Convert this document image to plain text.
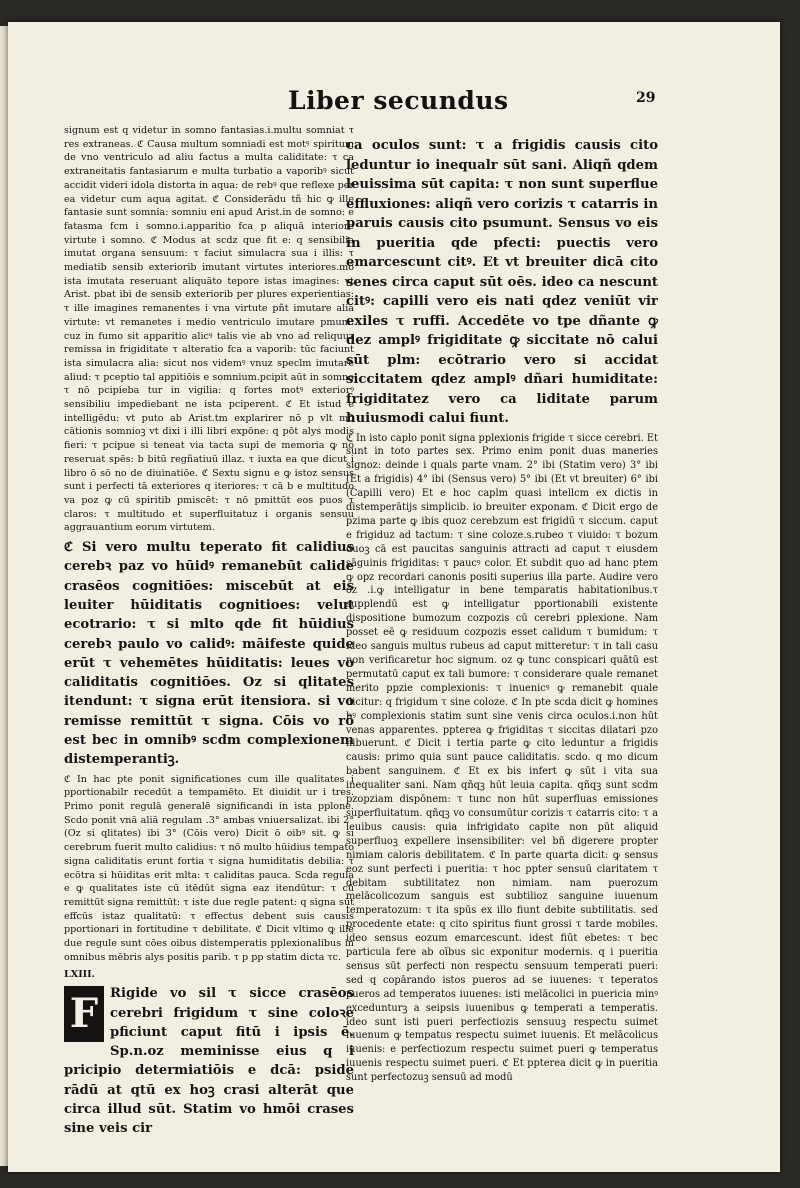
Liber secundus	29

signum est q videtur in somno fantasias.i.multu somniat τ res extraneas. ℭ Causa multum somniadi est motꝰ spiritum de vno ventriculo ad aliu factus a multa caliditate: τ ca extraneitatis fantasiarum e multa turbatio a vaporibꝰ sicut accidit videri idola distorta in aqua: de rebꝰ que reflexe per ea videtur cum aqua agitat. ℭ Considerādu tñ hic ꝙ ille fantasie sunt somnia: somniu eni apud Arist.in de somno: e fatasma fcm i somno.i.apparitio fca p aliquā interiore virtute i somno. ℭ Modus at scdz que fit e: q sensibilia imutat organa sensuum: τ faciut simulacra sua i illis: τ mediatib sensib exteriorib imutant virtutes interiores.mō ista imutata reseruant aliquāto tepore istas imagines: vt Arist. pbat ibi de sensib exteriorib per plures experientias: τ ille imagines remanentes i vna virtute pñt imutare aliā virtute: vt remanetes i medio ventriculo imutare pmum: cuz in fumo sit apparitio alicꝰ talis vie ab vno ad reliquuz remissa in frigiditate τ alteratio fca a vaporib: tūc faciunt ista simulacra alia: sicut nos videmꝰ vnuz speclm imutare aliud: τ pceptio tal appitiōis e somnium.pcipit aūt in somno τ nō pcipieba tur in vigilia: q fortes motꝰ exteriorꝰ sensibiliu impediebant ne ista pciperent. ℭ Et istud e intelligēdu: vt puto ab Arist.tm explarirer nō p vlt mō cātionis somnioꝫ vt dixi i illi libri expōne: q pōt alys modis fieri: τ pcipue si teneat via tacta supi de memoria ꝙ nō reseruat spēs: b bitū regñatiuū illaz. τ iuxta ea que dicut i libro ō sō no de diuinatiōe. ℭ Sextu signu e ꝙ istoz sensus sunt i perfecti tā exteriores q iteriores: τ cā b e multitudo va poz ꝙ cū spiritib pmiscēt: τ nō pmittūt eos puos τ claros: τ multitudo et superfluitatuz i organis sensuu aggrauantium eorum virtutem.

ℭ Si vero multu teperato fit calidius cerebꝛ paz vo hūidꝰ remanebūt calide crasēos cognitiōes: miscebūt at eis leuiter hūiditatis cognitioes: velut ecotrario: τ si mlto qde fit hūidius cerebꝛ paulo vo calidꝰ: māifeste quide erūt τ vehemētes hūiditatis: leues vo caliditatis cognitiōes. Oz si qlitates itendunt: τ signa erūt itensiora. si vo remisse remittūt τ signa. Cōis vo rō est bec in omnibꝰ scdm complexionem distemperantiꝫ.

ℭ In hac pte ponit significationes cum ille qualitates i pportionabilr recedūt a tempamēto. Et diuidit ur i tres. Primo ponit regulā generalē significandi in ista pplone. Scdo ponit vnā aliā regulam .3° ambas vniuersalizat. ibi 2° (Oz si qlitates) ibi 3° (Cōis vero) Dicit ō oibꝰ sit. ꝙ si cerebrum fuerit multo calidius: τ nō multo hūidius tempato signa caliditatis erunt fortia τ signa humiditatis debilia: τ ecōtra si hūiditas erit mlta: τ caliditas pauca. Scda regula e ꝙ qualitates iste cū itēdūt signa eaz itendūtur: τ cū remittūt signa remittūt: τ iste due regle patent: q signa sūt effcūs istaz qualitatū: τ effectus debent suis causis pportionari in fortitudine τ debilitate. ℭ Dicit vltimo ꝙ ille due regule sunt cōes oibus distemperatis pplexionalibus in omnibus mēbris alys positis parib. τ p pp statim dicta τc.

LXIII.

F Rigide vo sil τ sicce crasēos cerebri frigidum τ sine coloꝛe pficiunt caput fitū i ipsis ē. Sp.n.oz meminisse eius q i pricipio determiatiōis e dcā: pside rādū at qtū ex hoꝫ crasi alterāt que circa illud sūt. Statim vo hmōi crases sine veis cir

ca oculos sunt: τ a frigidis causis cito leduntur io inequalr sūt sani. Aliqñ qdem leuissima sūt capita: τ non sunt superflue effluxiones: aliqñ vero corizis τ catarris in paruis causis cito psumunt. Sensus vo eis in pueritia qde pfecti: puectis vero emarcescunt citꝰ. Et vt breuiter dicā cito senes circa caput sūt oēs. ideo ca nescunt citꝰ: capilli vero eis nati qdez veniūt vir exiles τ ruffi. Accedēte vo tpe dñante ꝙ dez amplꝰ frigiditate ꝙ siccitate nō calui sūt plm: ecōtrario vero si accidat siccitatem qdez amplꝰ dñari humiditate: frigiditatez vero ca liditate parum huiusmodi calui fiunt.

ℭ In isto caplo ponit signa pplexionis frigide τ sicce cerebri. Et sunt in toto partes sex. Primo enim ponit duas maneries signoz: deinde i quals parte vnam. 2° ibi (Statim vero) 3° ibi (Et a frigidis) 4° ibi (Sensus vero) 5° ibi (Et vt breuiter) 6° ibi (Capilli vero) Et e hoc caplm quasi intellcm ex dictis in distemperātijs simplicib. io breuiter exponam. ℭ Dicit ergo de pzima parte ꝙ ibis quoz cerebzum est frigidū τ siccum. caput e frigiduz ad tactum: τ sine coloze.s.rubeo τ viuido: τ bozum duoꝫ cā est paucitas sanguinis attracti ad caput τ eiusdem sāguinis frigiditas: τ paucꝰ color. Et subdit quo ad hanc ptem ꝙ opz recordari canonis positi superius illa parte. Audire vero oz .i.ꝙ intelligatur in bene temparatis habitationibus.τ supplendū est ꝙ intelligatur pportionabili existente dispositione bumozum cozpozis cū cerebri pplexione. Nam posset eē ꝙ residuum cozpozis esset calidum τ bumidum: τ ideo sanguis multus rubeus ad caput mitteretur: τ in tali casu non verificaretur hoc signum. oz ꝙ tunc conspicari quātū est permutatū caput ex tali bumore: τ considerare quale remanet merito ppzie complexionis: τ inuenicꝰ ꝙ remanebit quale dicitur: q frigidum τ sine coloze. ℭ In pte scda dicit ꝙ homines bꝰ complexionis statim sunt sine venis circa oculos.i.non hūt venas apparentes. ppterea ꝙ frigiditas τ siccitas dilatari pzo hibuerunt. ℭ Dicit i tertia parte ꝙ cito leduntur a frigidis causis: primo quia sunt pauce caliditatis. scdo. q mo dicum babent sanguinem. ℭ Et ex bis infert ꝙ sūt i vita sua inequaliter sani. Nam qñqꝫ hūt leuia capita. qñqꝫ sunt scdm pzopziam dispōnem: τ tunc non hūt superfluas emissiones superfluitatum. qñqꝫ vo consumūtur corizis τ catarris cito: τ a leuibus causis: quia infrigidato capite non pūt aliquid superfluoꝫ expellere insensibiliter: vel bñ digerere propter nimiam caloris debilitatem. ℭ In parte quarta dicit: ꝙ sensus eoz sunt perfecti i pueritia: τ hoc ppter sensuū claritatem τ debitam subtilitatez non nimiam. nam puerozum melācolicozum sanguis est subtilioz sanguine iuuenum temperatozum: τ ita spūs ex illo fiunt debite subtilitatis. sed procedente etate: q cito spiritus fiunt grossi τ tarde mobiles. ideo sensus eozum emarcescunt. idest fiūt ebetes: τ bec particula fere ab oībus sic exponitur modernis. q i pueritia sensus sūt perfecti non respectu sensuum temperati pueri: sed q copārando istos pueros ad se iuuenes: τ teperatos pueros ad temperatos iuuenes: isti melācolici in puericia minꝰ excedunturꝫ a seipsis iuuenibus ꝙ temperati a temperatis. ideo sunt isti pueri perfectiozis sensuuꝫ respectu suimet iuuenum ꝙ tempatus respectu suimet iuuenis. Et melācolicus iuuenis: e perfectiozum respectu suimet pueri ꝙ temperatus iuuenis respectu suimet pueri. ℭ Et ppterea dicit ꝙ in pueritia sunt perfectozuꝫ sensuū ad modū
